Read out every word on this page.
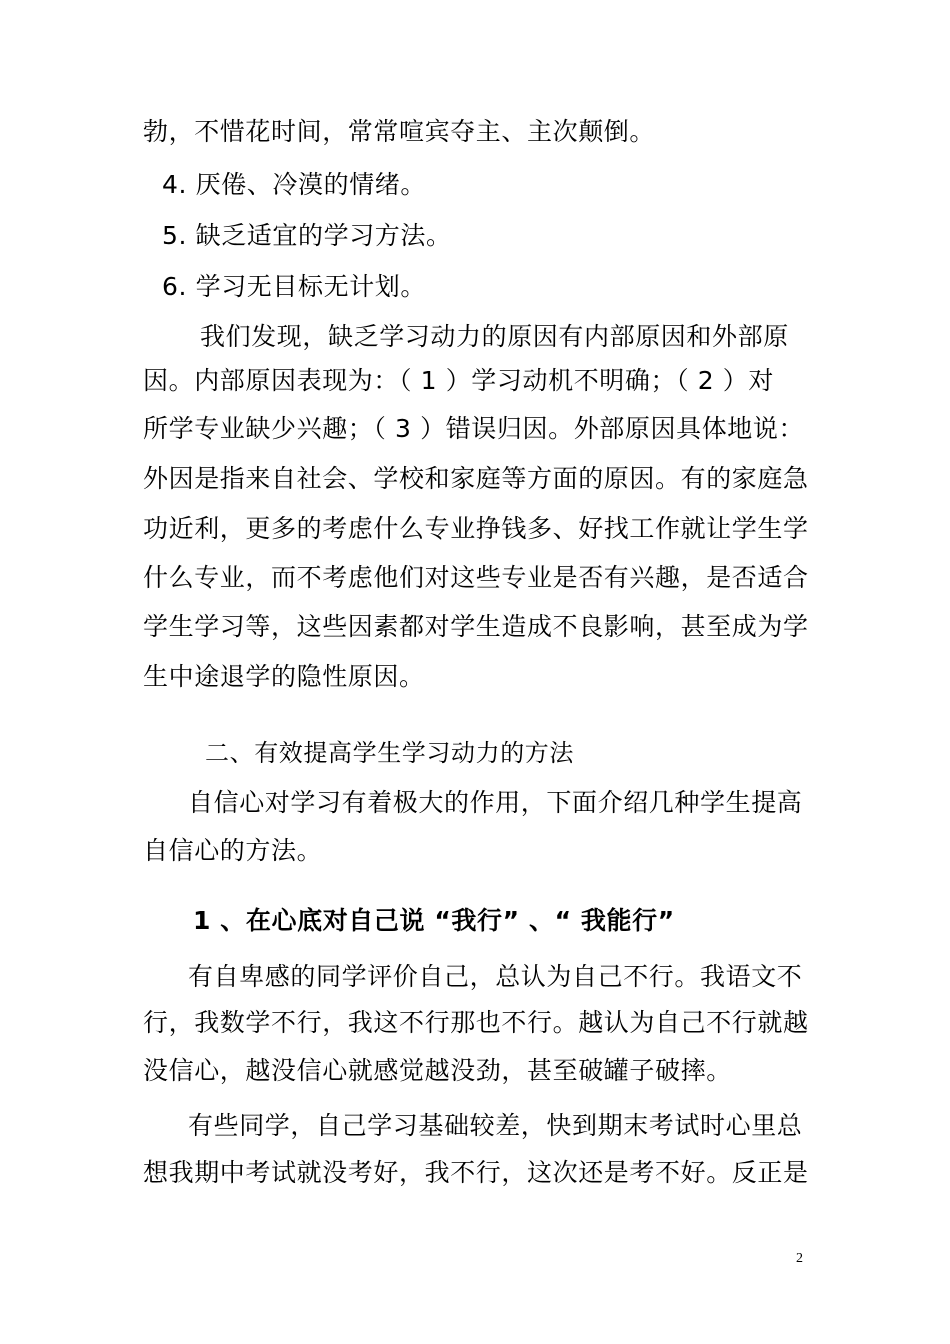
勃，不惜花时间，常常喧宾夺主、主次颠倒。
4. 厌倦、冷漠的情绪。
5. 缺乏适宜的学习方法。
6. 学习无目标无计划。
我们发现，缺乏学习动力的原因有内部原因和外部原
因。内部原因表现为：（ 1 ）学习动机不明确；（ 2 ）对
所学专业缺少兴趣；（ 3 ）错误归因。外部原因具体地说：
外因是指来自社会、学校和家庭等方面的原因。有的家庭急
功近利，更多的考虑什么专业挣钱多、好找工作就让学生学
什么专业，而不考虑他们对这些专业是否有兴趣，是否适合
学生学习等，这些因素都对学生造成不良影响，甚至成为学
生中途退学的隐性原因。
二、有效提高学生学习动力的方法
自信心对学习有着极大的作用，下面介绍几种学生提高
自信心的方法。
1 、在心底对自己说 “我行” 、“ 我能行”
有自卑感的同学评价自己，总认为自己不行。我语文不
行，我数学不行，我这不行那也不行。越认为自己不行就越
没信心，越没信心就感觉越没劲，甚至破罐子破摔。
有些同学，自己学习基础较差，快到期末考试时心里总
想我期中考试就没考好，我不行，这次还是考不好。反正是
2
